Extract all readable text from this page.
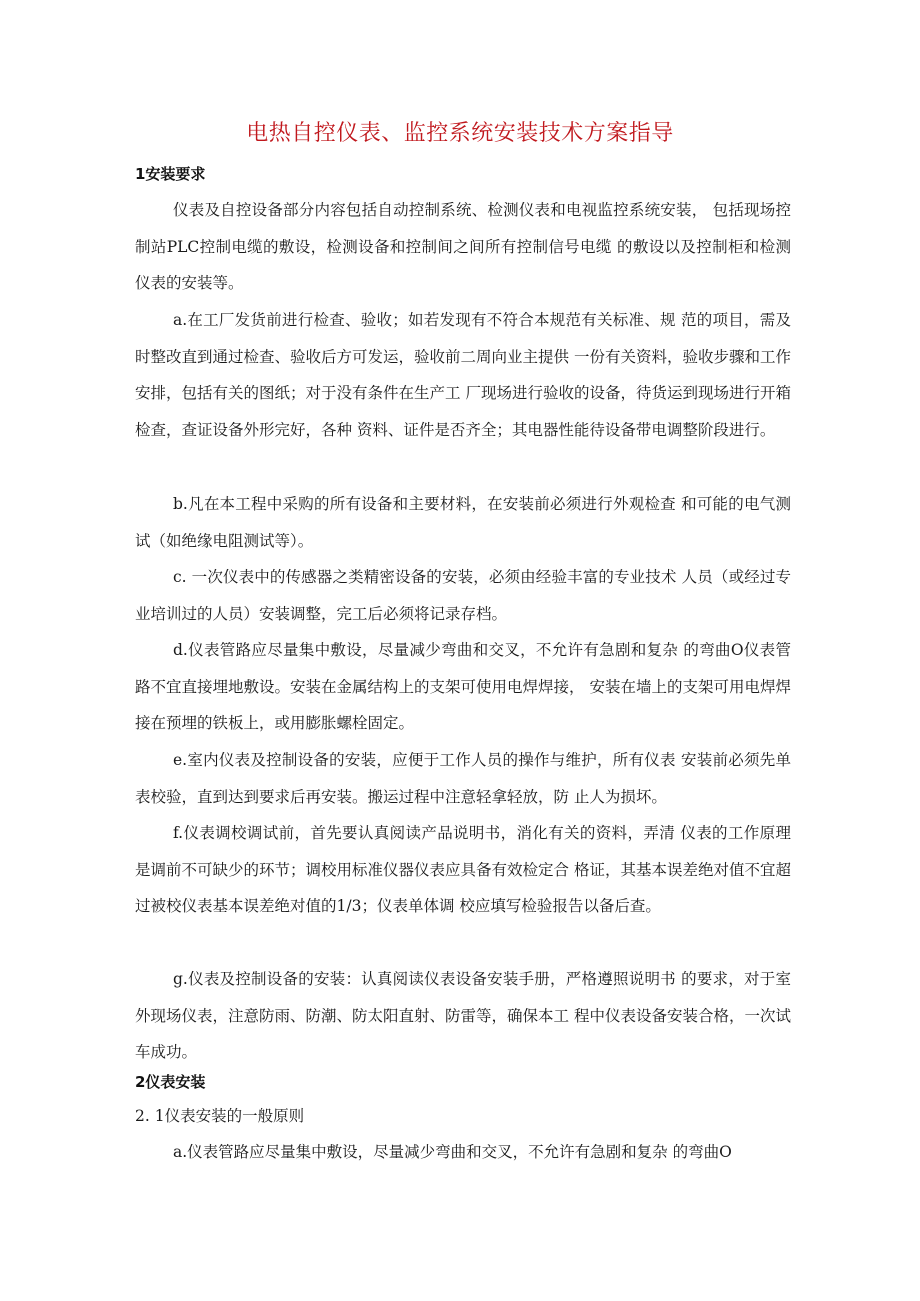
电热自控仪表、监控系统安装技术方案指导
1安装要求

仪表及自控设备部分内容包括自动控制系统、检测仪表和电视监控系统安装， 包括现场控制站PLC控制电缆的敷设，检测设备和控制间之间所有控制信号电缆 的敷设以及控制柜和检测仪表的安装等。

a.在工厂发货前进行检查、验收；如若发现有不符合本规范有关标准、规 范的项目，需及时整改直到通过检查、验收后方可发运，验收前二周向业主提供 一份有关资料，验收步骤和工作安排，包括有关的图纸；对于没有条件在生产工 厂现场进行验收的设备，待货运到现场进行开箱检查，查证设备外形完好，各种 资料、证件是否齐全；其电器性能待设备带电调整阶段进行。

b.凡在本工程中采购的所有设备和主要材料，在安装前必须进行外观检查 和可能的电气测试（如绝缘电阻测试等）。

c. 一次仪表中的传感器之类精密设备的安装，必须由经验丰富的专业技术 人员（或经过专业培训过的人员）安装调整，完工后必须将记录存档。

d.仪表管路应尽量集中敷设，尽量减少弯曲和交叉，不允许有急剧和复杂 的弯曲O仪表管路不宜直接埋地敷设。安装在金属结构上的支架可使用电焊焊接， 安装在墙上的支架可用电焊焊接在预埋的铁板上，或用膨胀螺栓固定。

e.室内仪表及控制设备的安装，应便于工作人员的操作与维护，所有仪表 安装前必须先单表校验，直到达到要求后再安装。搬运过程中注意轻拿轻放，防 止人为损坏。

f.仪表调校调试前，首先要认真阅读产品说明书，消化有关的资料，弄清 仪表的工作原理是调前不可缺少的环节；调校用标准仪器仪表应具备有效检定合 格证，其基本误差绝对值不宜超过被校仪表基本误差绝对值的1/3；仪表单体调 校应填写检验报告以备后查。

g.仪表及控制设备的安装：认真阅读仪表设备安装手册，严格遵照说明书 的要求，对于室外现场仪表，注意防雨、防潮、防太阳直射、防雷等，确保本工 程中仪表设备安装合格，一次试车成功。

2仪表安装
2. 1仪表安装的一般原则

a.仪表管路应尽量集中敷设，尽量减少弯曲和交叉，不允许有急剧和复杂 的弯曲O
